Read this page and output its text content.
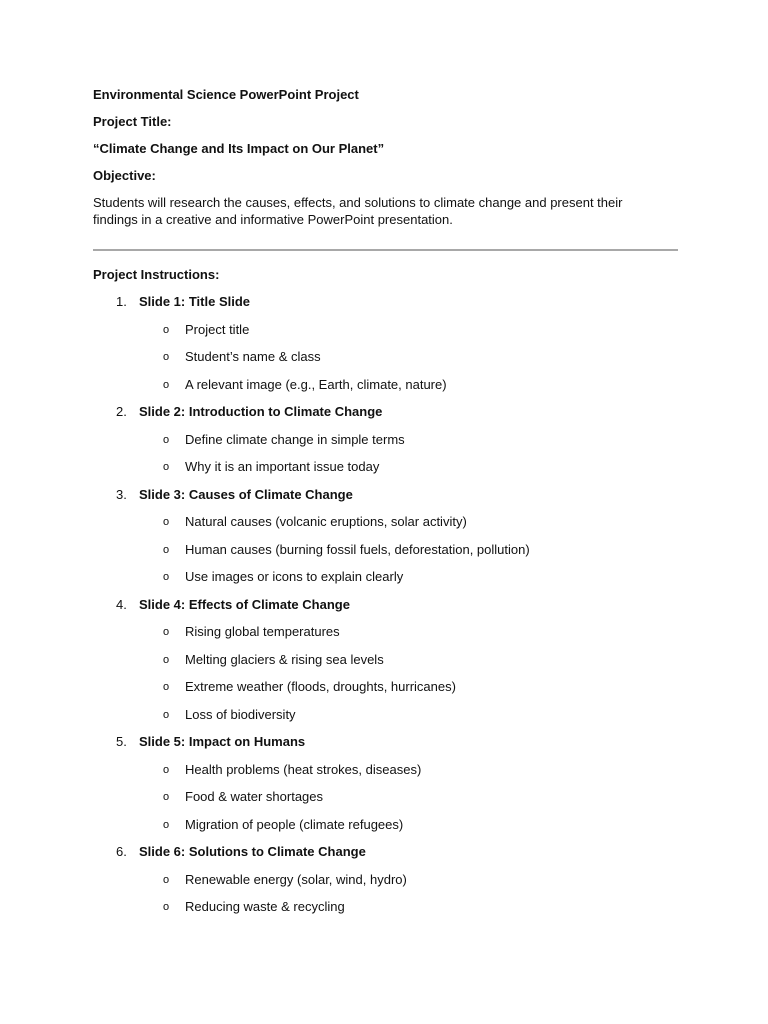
Environmental Science PowerPoint Project

Project Title:

“Climate Change and Its Impact on Our Planet”

Objective:

Students will research the causes, effects, and solutions to climate change and present their

findings in a creative and informative PowerPoint presentation.

Project Instructions:

1. Slide 1: Title Slide
o Project title
o Student’s name & class
o A relevant image (e.g., Earth, climate, nature)
2. Slide 2: Introduction to Climate Change
o Define climate change in simple terms
o Why it is an important issue today
3. Slide 3: Causes of Climate Change
o Natural causes (volcanic eruptions, solar activity)
o Human causes (burning fossil fuels, deforestation, pollution)
o Use images or icons to explain clearly
4. Slide 4: Effects of Climate Change
o Rising global temperatures
o Melting glaciers & rising sea levels
o Extreme weather (floods, droughts, hurricanes)
o Loss of biodiversity
5. Slide 5: Impact on Humans
o Health problems (heat strokes, diseases)
o Food & water shortages
o Migration of people (climate refugees)
6. Slide 6: Solutions to Climate Change
o Renewable energy (solar, wind, hydro)
o Reducing waste & recycling
